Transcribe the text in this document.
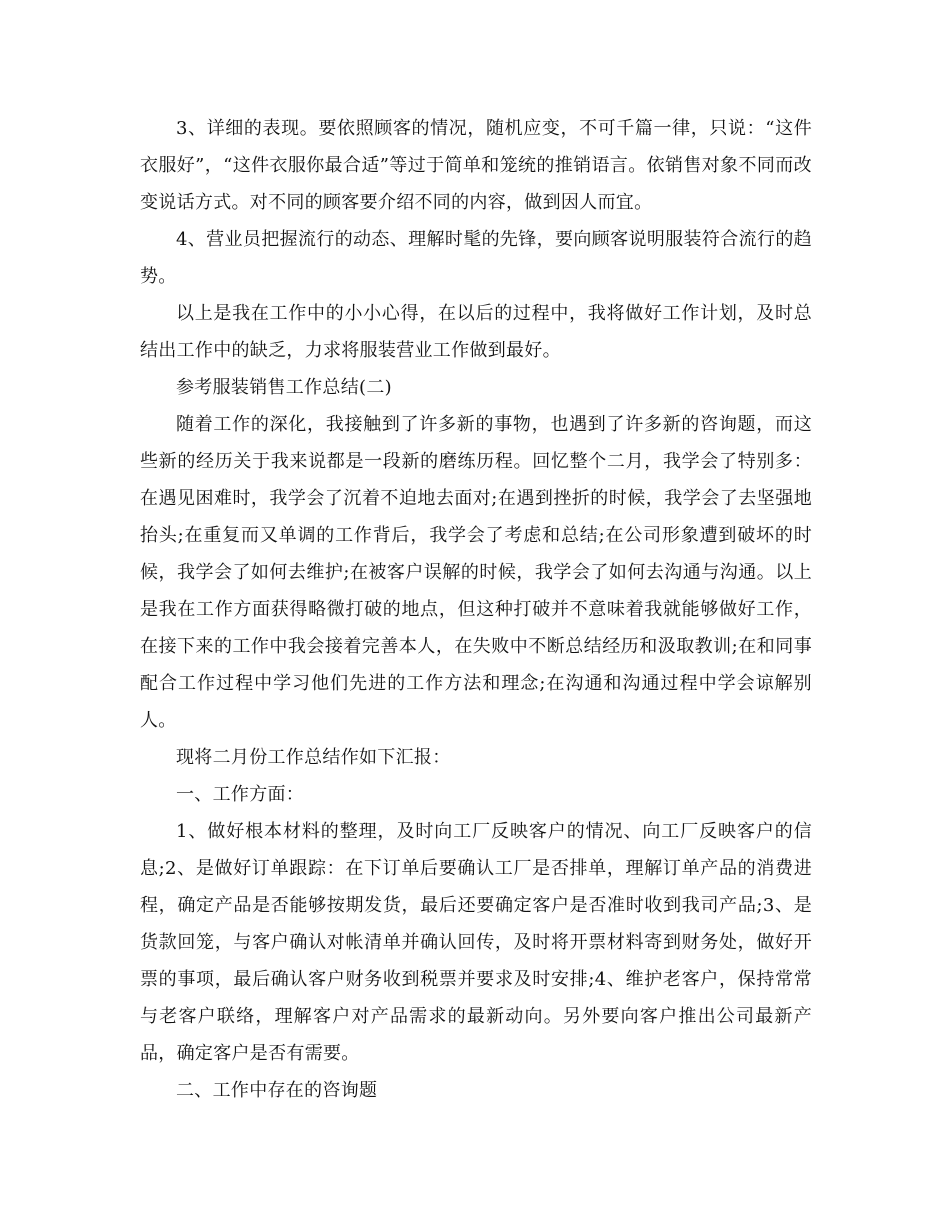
3、详细的表现。要依照顾客的情况，随机应变，不可千篇一律，只说：“这件衣服好”，“这件衣服你最合适”等过于简单和笼统的推销语言。依销售对象不同而改变说话方式。对不同的顾客要介绍不同的内容，做到因人而宜。

4、营业员把握流行的动态、理解时髦的先锋，要向顾客说明服装符合流行的趋势。

以上是我在工作中的小小心得，在以后的过程中，我将做好工作计划，及时总结出工作中的缺乏，力求将服装营业工作做到最好。

参考服装销售工作总结(二)

随着工作的深化，我接触到了许多新的事物，也遇到了许多新的咨询题，而这些新的经历关于我来说都是一段新的磨练历程。回忆整个二月，我学会了特别多：在遇见困难时，我学会了沉着不迫地去面对;在遇到挫折的时候，我学会了去坚强地抬头;在重复而又单调的工作背后，我学会了考虑和总结;在公司形象遭到破坏的时候，我学会了如何去维护;在被客户误解的时候，我学会了如何去沟通与沟通。以上是我在工作方面获得略微打破的地点，但这种打破并不意味着我就能够做好工作，在接下来的工作中我会接着完善本人，在失败中不断总结经历和汲取教训;在和同事配合工作过程中学习他们先进的工作方法和理念;在沟通和沟通过程中学会谅解别人。

现将二月份工作总结作如下汇报：

一、工作方面：

1、做好根本材料的整理，及时向工厂反映客户的情况、向工厂反映客户的信息;2、是做好订单跟踪：在下订单后要确认工厂是否排单，理解订单产品的消费进程，确定产品是否能够按期发货，最后还要确定客户是否准时收到我司产品;3、是货款回笼，与客户确认对帐清单并确认回传，及时将开票材料寄到财务处，做好开票的事项，最后确认客户财务收到税票并要求及时安排;4、维护老客户，保持常常与老客户联络，理解客户对产品需求的最新动向。另外要向客户推出公司最新产品，确定客户是否有需要。

二、工作中存在的咨询题
